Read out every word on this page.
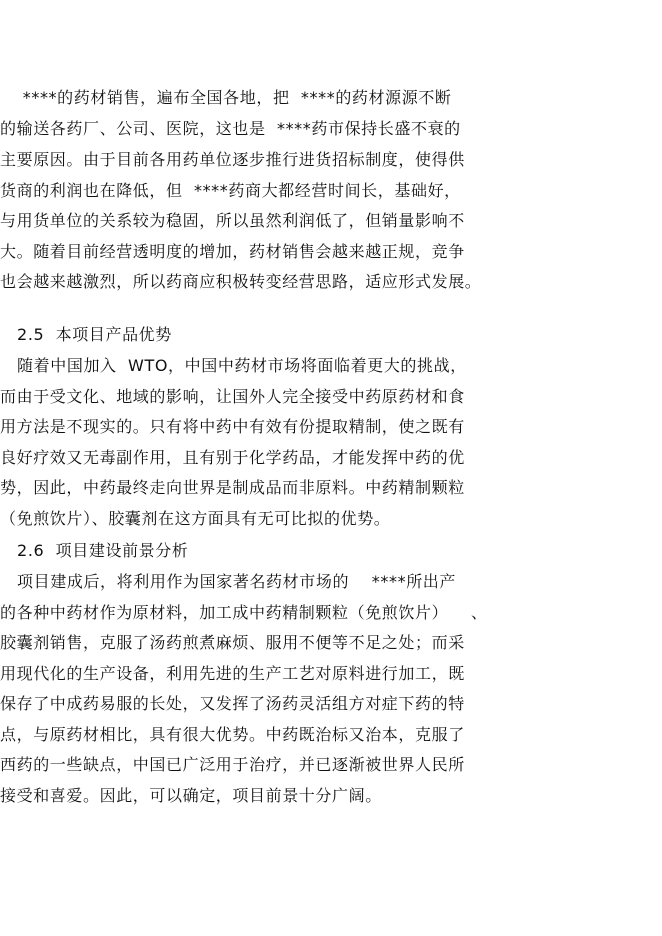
****的药材销售，遍布全国各地，把  ****的药材源源不断
的输送各药厂、公司、医院，这也是  ****药市保持长盛不衰的
主要原因。由于目前各用药单位逐步推行进货招标制度，使得供
货商的利润也在降低，但  ****药商大都经营时间长，基础好，
与用货单位的关系较为稳固，所以虽然利润低了，但销量影响不
大。随着目前经营透明度的增加，药材销售会越来越正规，竞争
也会越来越激烈，所以药商应积极转变经营思路，适应形式发展。
2.5  本项目产品优势
随着中国加入  WTO，中国中药材市场将面临着更大的挑战，
而由于受文化、地域的影响，让国外人完全接受中药原药材和食
用方法是不现实的。只有将中药中有效有份提取精制，使之既有
良好疗效又无毒副作用，且有别于化学药品，才能发挥中药的优
势，因此，中药最终走向世界是制成品而非原料。中药精制颗粒
（免煎饮片）、胶囊剂在这方面具有无可比拟的优势。
2.6  项目建设前景分析
项目建成后，将利用作为国家著名药材市场的    ****所出产
的各种中药材作为原材料，加工成中药精制颗粒（免煎饮片）    、
胶囊剂销售，克服了汤药煎煮麻烦、服用不便等不足之处；而采
用现代化的生产设备，利用先进的生产工艺对原料进行加工，既
保存了中成药易服的长处，又发挥了汤药灵活组方对症下药的特
点，与原药材相比，具有很大优势。中药既治标又治本，克服了
西药的一些缺点，中国已广泛用于治疗，并已逐渐被世界人民所
接受和喜爱。因此，可以确定，项目前景十分广阔。
